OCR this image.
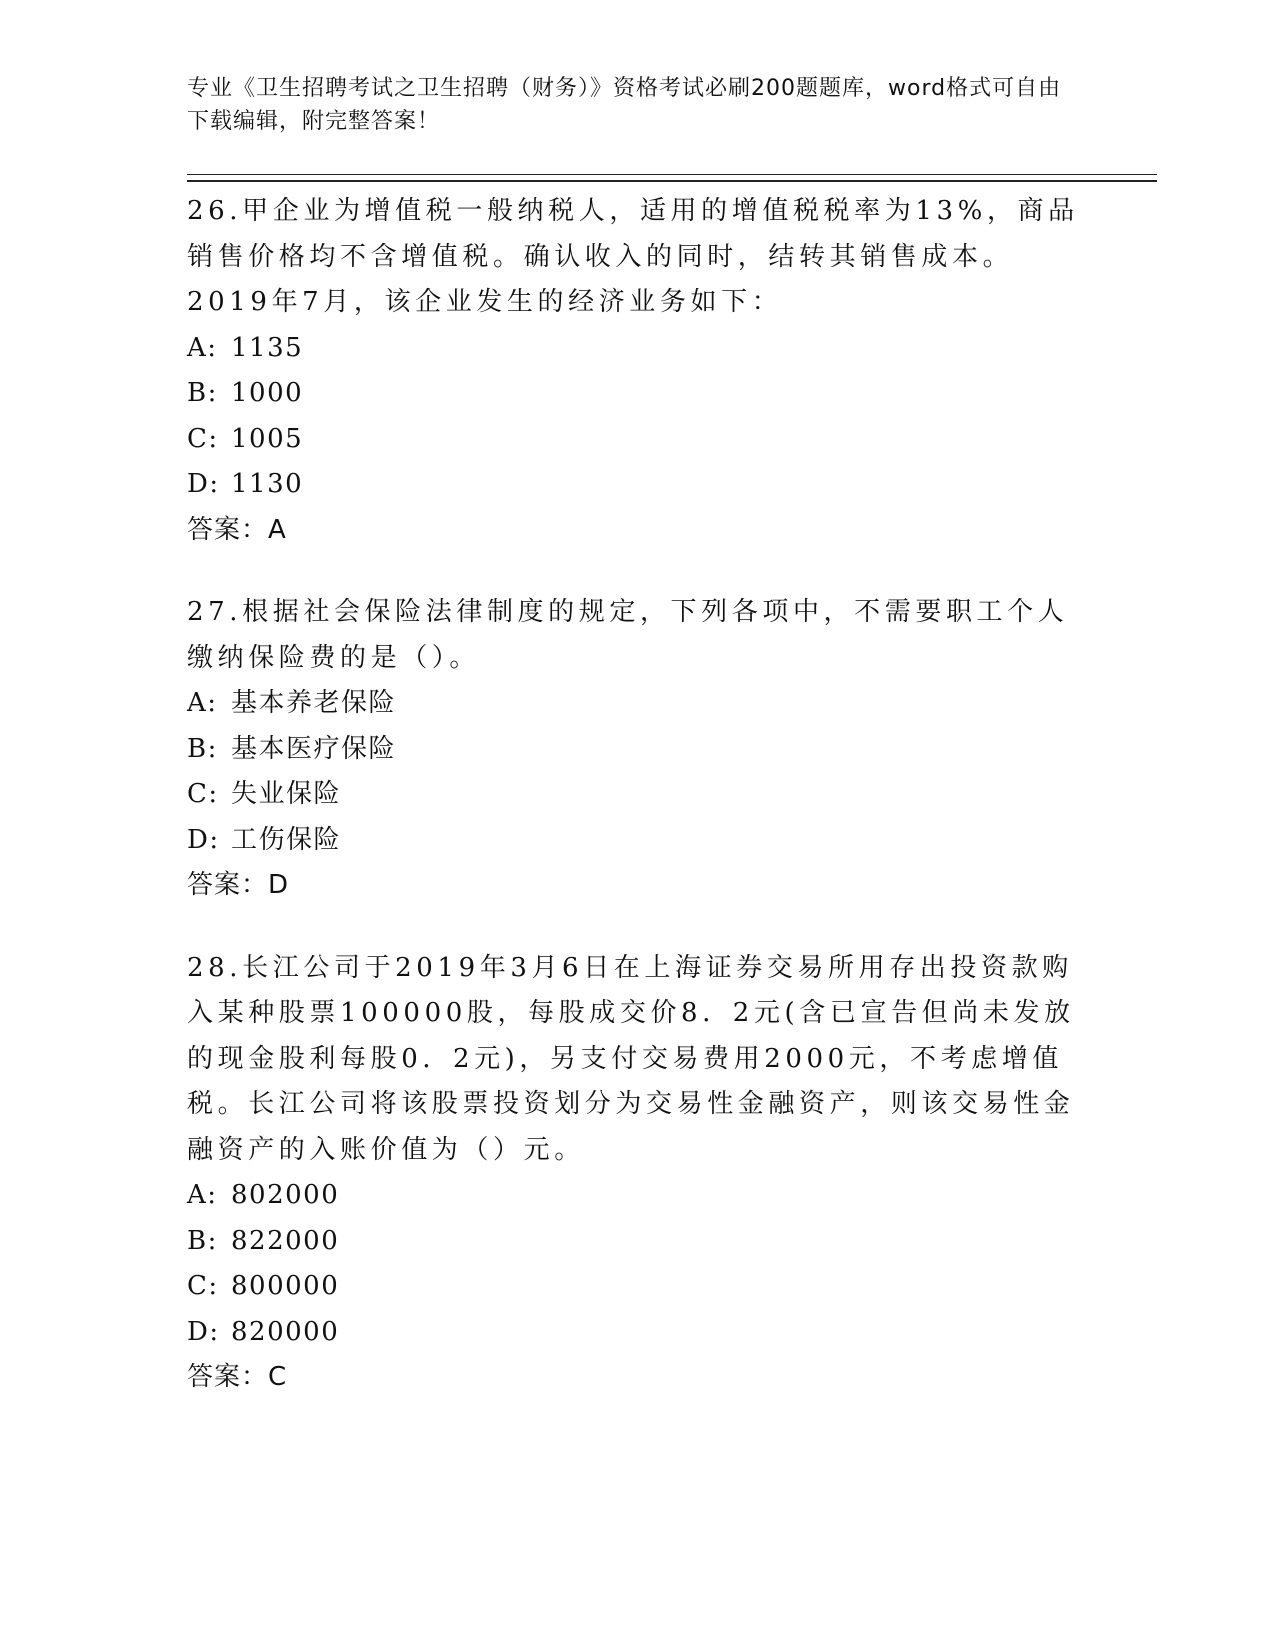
专业《卫生招聘考试之卫生招聘（财务）》资格考试必刷200题题库，word格式可自由下载编辑，附完整答案！

26.甲企业为增值税一般纳税人，适用的增值税税率为13%，商品销售价格均不含增值税。确认收入的同时，结转其销售成本。2019年7月，该企业发生的经济业务如下：

A: 1135
B: 1000
C: 1005
D: 1130
答案：A

27.根据社会保险法律制度的规定，下列各项中，不需要职工个人缴纳保险费的是（）。

A: 基本养老保险
B: 基本医疗保险
C: 失业保险
D: 工伤保险
答案：D

28.长江公司于2019年3月6日在上海证券交易所用存出投资款购入某种股票100000股，每股成交价8．2元(含已宣告但尚未发放的现金股利每股0．2元)，另支付交易费用2000元，不考虑增值税。长江公司将该股票投资划分为交易性金融资产，则该交易性金融资产的入账价值为（）元。

A: 802000
B: 822000
C: 800000
D: 820000
答案：C
